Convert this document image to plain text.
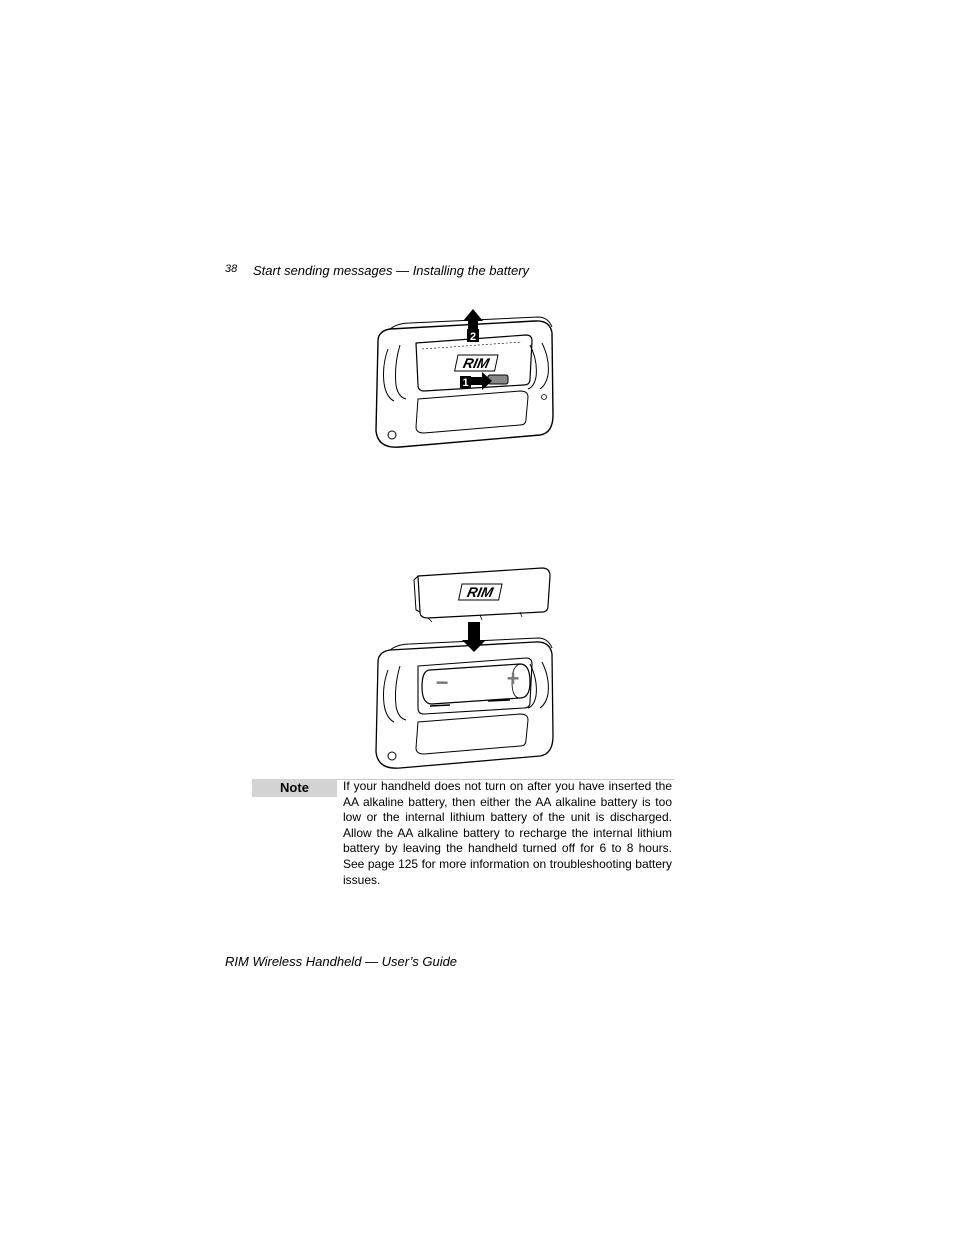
38 Start sending messages — Installing the battery
RIM
1
2
RIM
−	+
Note	If your handheld does not turn on after you have inserted the AA alkaline battery, then either the AA alkaline battery is too low or the internal lithium battery of the unit is discharged. Allow the AA alkaline battery to recharge the internal lithium battery by leaving the handheld turned off for 6 to 8 hours. See page 125 for more information on troubleshooting battery issues.
RIM Wireless Handheld — User’s Guide
